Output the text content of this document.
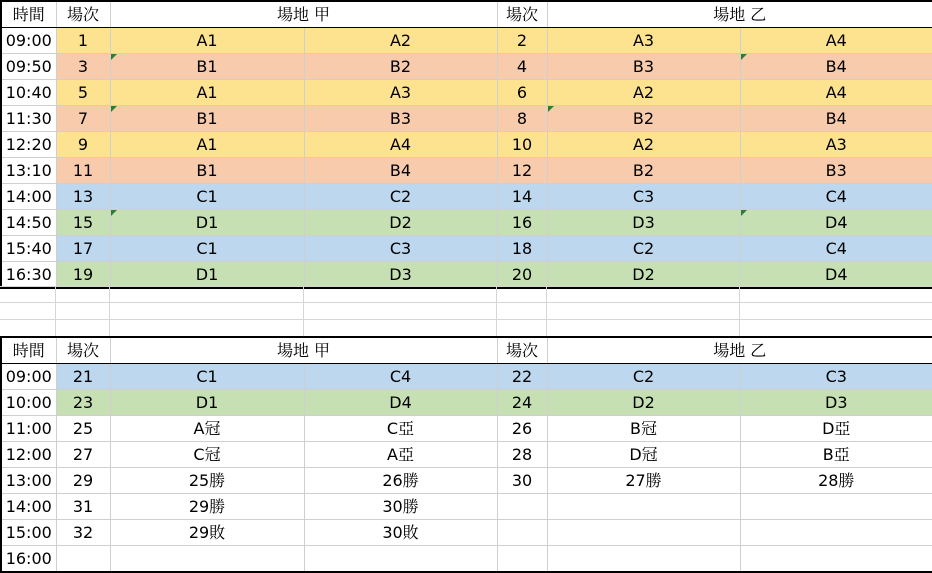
時間	場次	場地 甲		場次	場地 乙	
09:00	1	A1	A2	2	A3	A4
09:50	3	B1	B2	4	B3	B4
10:40	5	A1	A3	6	A2	A4
11:30	7	B1	B3	8	B2	B4
12:20	9	A1	A4	10	A2	A3
13:10	11	B1	B4	12	B2	B3
14:00	13	C1	C2	14	C3	C4
14:50	15	D1	D2	16	D3	D4
15:40	17	C1	C3	18	C2	C4
16:30	19	D1	D3	20	D2	D4
時間	場次	場地 甲		場次	場地 乙	
09:00	21	C1	C4	22	C2	C3
10:00	23	D1	D4	24	D2	D3
11:00	25	A冠	C亞	26	B冠	D亞
12:00	27	C冠	A亞	28	D冠	B亞
13:00	29	25勝	26勝	30	27勝	28勝
14:00	31	29勝	30勝			
15:00	32	29敗	30敗			
16:00						
